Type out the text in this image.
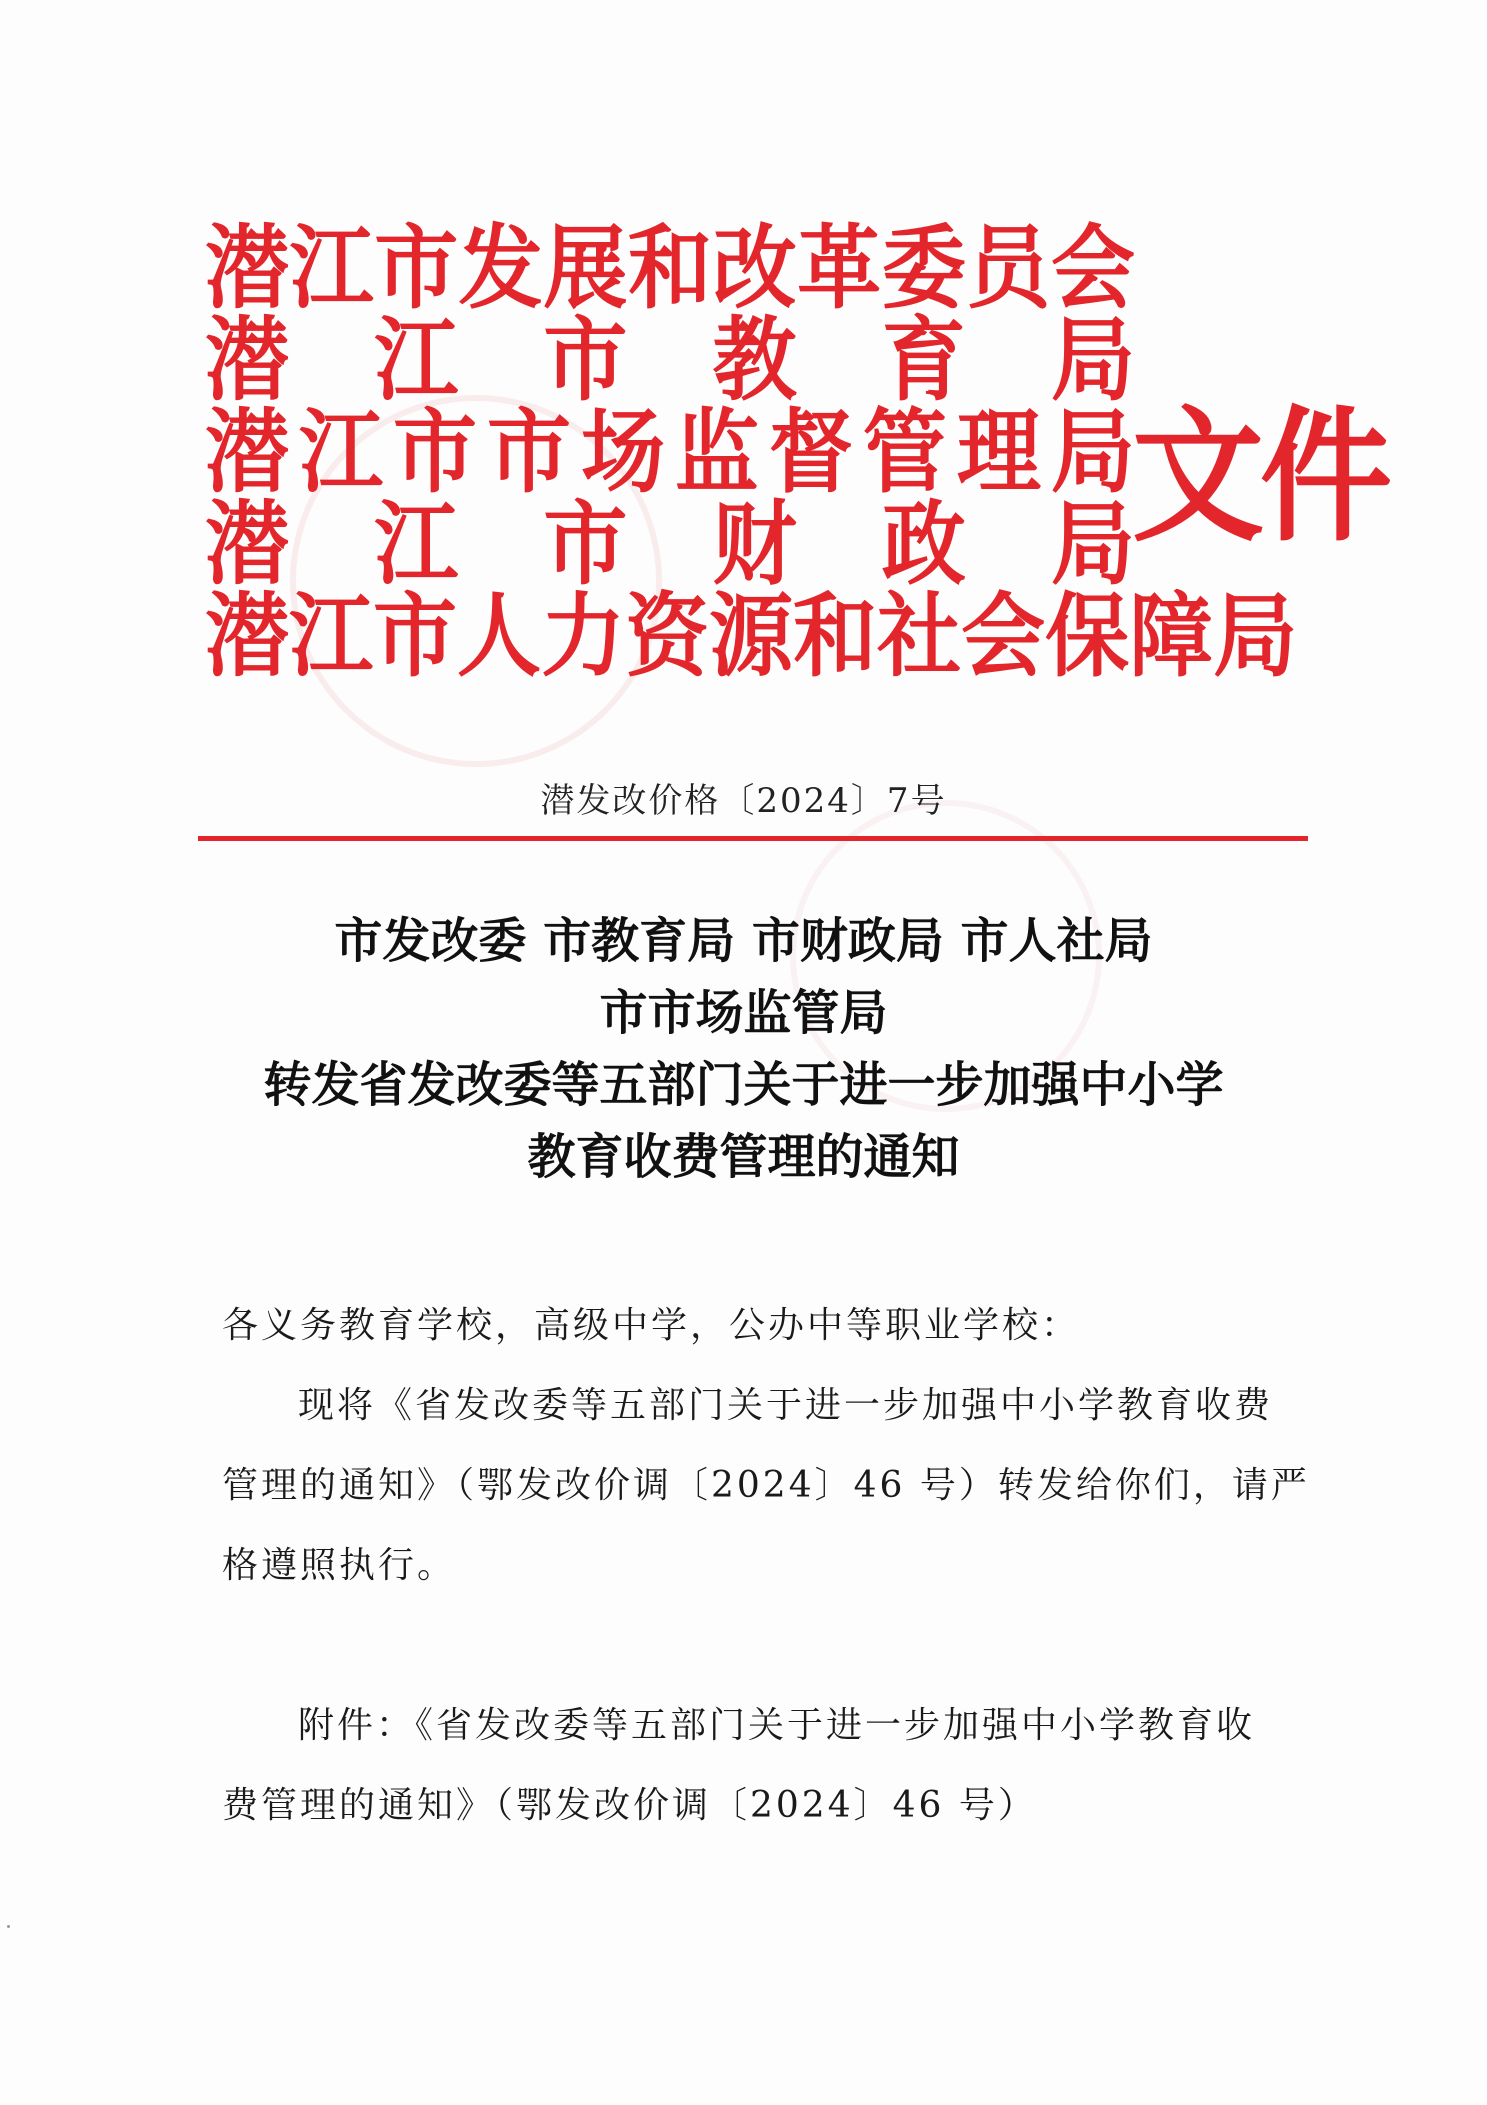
潜 江 市 发 展 和 改 革 委 员 会
潜 江 市 教 育 局
潜 江 市 市 场 监 督 管 理 局
潜 江 市 财 政 局
潜 江 市 人 力 资 源 和 社 会 保 障 局
文件
潜发改价格〔2024〕7号
市发改委 市教育局 市财政局 市人社局
市市场监管局
转发省发改委等五部门关于进一步加强中小学
教育收费管理的通知
各义务教育学校，高级中学，公办中等职业学校：
现将《省发改委等五部门关于进一步加强中小学教育收费
管理的通知》（鄂发改价调〔2024〕46 号）转发给你们，请严
格遵照执行。
附件：《省发改委等五部门关于进一步加强中小学教育收
费管理的通知》（鄂发改价调〔2024〕46 号）
